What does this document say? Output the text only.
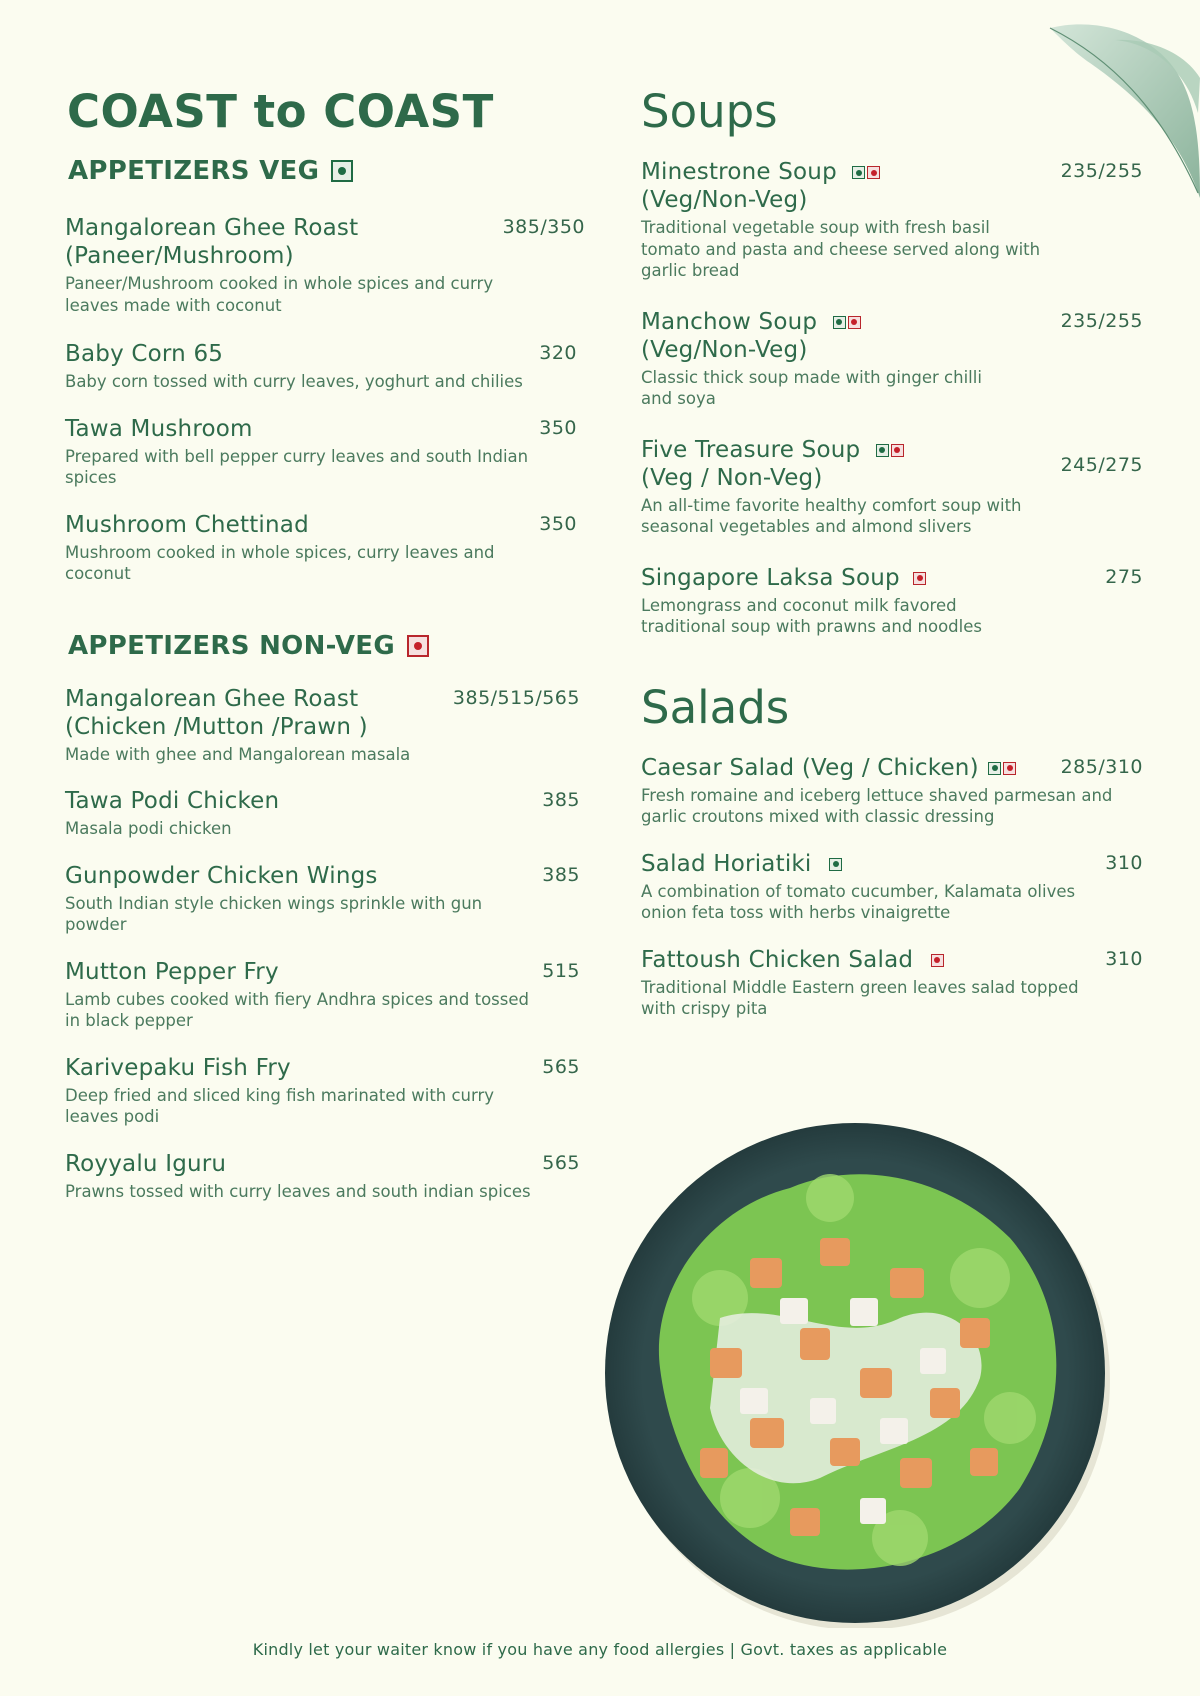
COAST to COAST
APPETIZERS VEG
Mangalorean Ghee Roast (Paneer/Mushroom)
385/350
Paneer/Mushroom cooked in whole spices and curry leaves made with coconut
Baby Corn 65	320
Baby corn tossed with curry leaves, yoghurt and chilies
Tawa Mushroom	350
Prepared with bell pepper curry leaves and south Indian spices
Mushroom Chettinad	350
Mushroom cooked in whole spices, curry leaves and coconut
APPETIZERS NON-VEG
Mangalorean Ghee Roast (Chicken /Mutton /Prawn )
385/515/565
Made with ghee and Mangalorean masala
Tawa Podi Chicken	385
Masala podi chicken
Gunpowder Chicken Wings	385
South Indian style chicken wings sprinkle with gun powder
Mutton Pepper Fry	515
Lamb cubes cooked with fiery Andhra spices and tossed in black pepper
Karivepaku Fish Fry	565
Deep fried and sliced king fish marinated with curry leaves podi
Royyalu Iguru	565
Prawns tossed with curry leaves and south indian spices
Soups
Minestrone Soup

(Veg/Non-Veg)
235/255
Traditional vegetable soup with fresh basil tomato and pasta and cheese served along with garlic bread
Manchow Soup

(Veg/Non-Veg)
235/255
Classic thick soup made with ginger chilli and soya
Five Treasure Soup

(Veg / Non-Veg)	245/275
An all-time favorite healthy comfort soup with seasonal vegetables and almond slivers
Singapore Laksa Soup	275
Lemongrass and coconut milk favored traditional soup with prawns and noodles
Salads
Caesar Salad (Veg / Chicken)	285/310
Fresh romaine and iceberg lettuce shaved parmesan and garlic croutons mixed with classic dressing
Salad Horiatiki	310
A combination of tomato cucumber, Kalamata olives onion feta toss with herbs vinaigrette
Fattoush Chicken Salad	310
Traditional Middle Eastern green leaves salad topped with crispy pita
Kindly let your waiter know if you have any food allergies | Govt. taxes as applicable
